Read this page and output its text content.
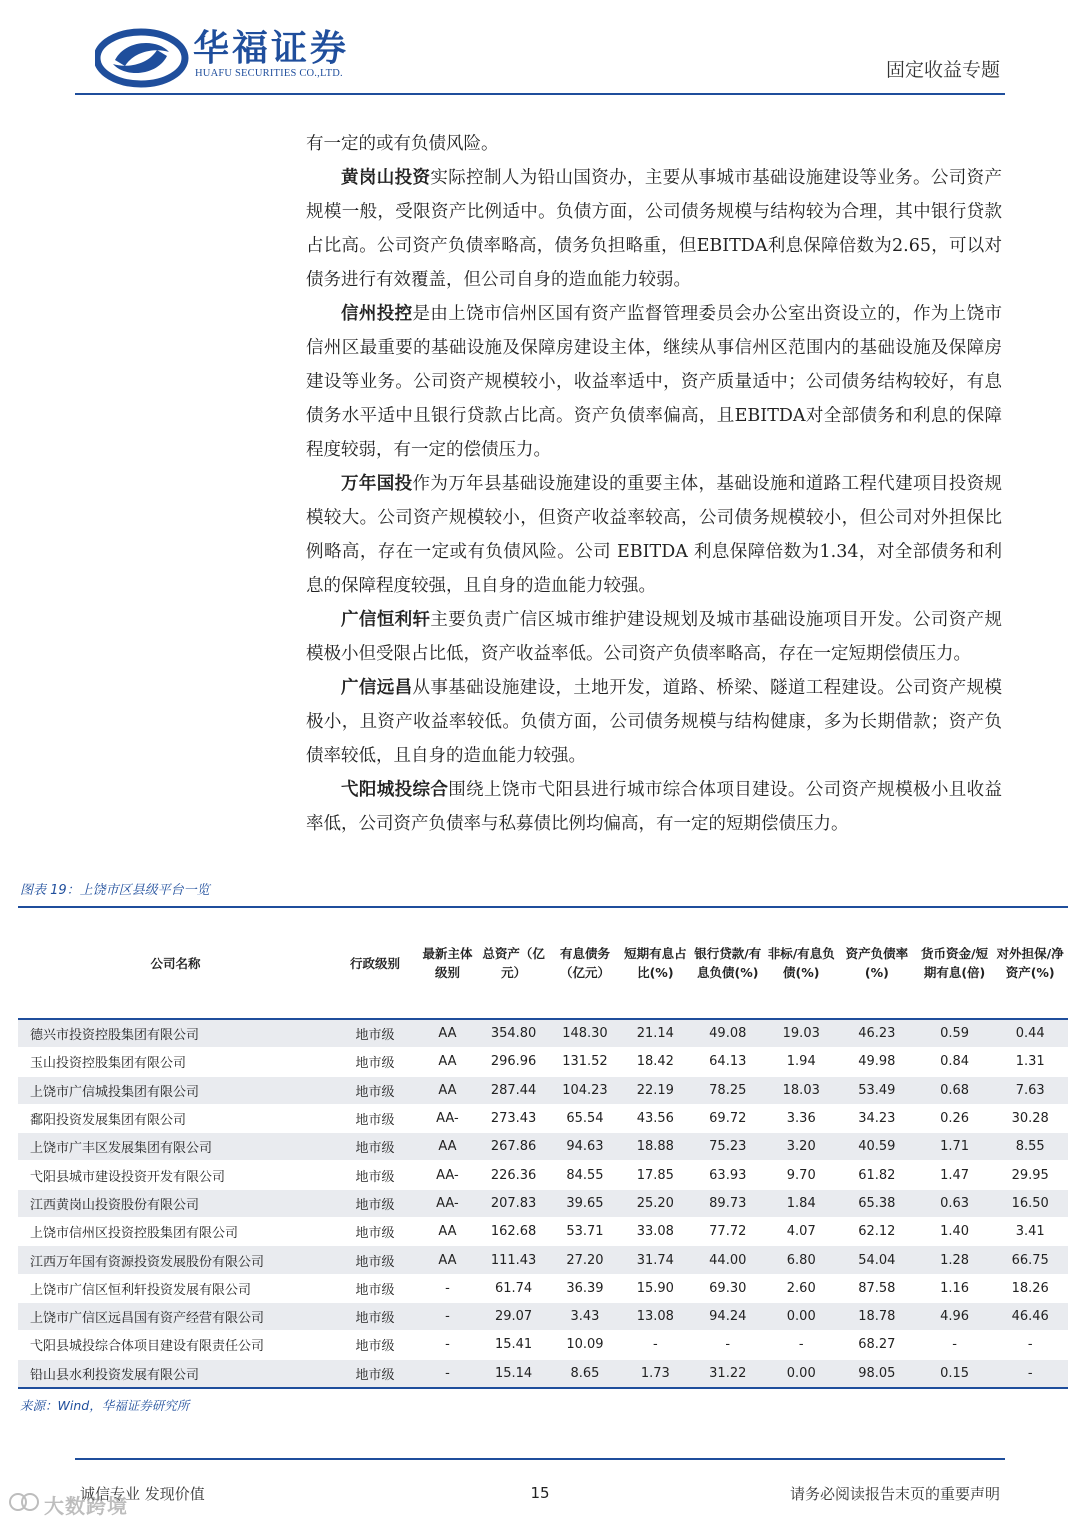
华福证券
HUAFU SECURITIES CO.,LTD.	固定收益专题

有一定的或有负债风险。

黄岗山投资实际控制人为铅山国资办，主要从事城市基础设施建设等业务。公司资产规模一般，受限资产比例适中。负债方面，公司债务规模与结构较为合理，其中银行贷款占比高。公司资产负债率略高，债务负担略重，但EBITDA利息保障倍数为2.65，可以对债务进行有效覆盖，但公司自身的造血能力较弱。

信州投控是由上饶市信州区国有资产监督管理委员会办公室出资设立的，作为上饶市信州区最重要的基础设施及保障房建设主体，继续从事信州区范围内的基础设施及保障房建设等业务。公司资产规模较小，收益率适中，资产质量适中；公司债务结构较好，有息债务水平适中且银行贷款占比高。资产负债率偏高，且EBITDA对全部债务和利息的保障程度较弱，有一定的偿债压力。

万年国投作为万年县基础设施建设的重要主体，基础设施和道路工程代建项目投资规模较大。公司资产规模较小，但资产收益率较高，公司债务规模较小，但公司对外担保比例略高，存在一定或有负债风险。公司 EBITDA 利息保障倍数为1.34，对全部债务和利息的保障程度较强，且自身的造血能力较强。

广信恒利轩主要负责广信区城市维护建设规划及城市基础设施项目开发。公司资产规模极小但受限占比低，资产收益率低。公司资产负债率略高，存在一定短期偿债压力。

广信远昌从事基础设施建设，土地开发，道路、桥梁、隧道工程建设。公司资产规模极小，且资产收益率较低。负债方面，公司债务规模与结构健康，多为长期借款；资产负债率较低，且自身的造血能力较强。

弋阳城投综合围绕上饶市弋阳县进行城市综合体项目建设。公司资产规模极小且收益率低，公司资产负债率与私募债比例均偏高，有一定的短期偿债压力。

图表 19：上饶市区县级平台一览
公司名称	行政级别	最新主体级别	总资产（亿元）	有息债务（亿元）	短期有息占比(%)	银行贷款/有息负债(%)	非标/有息负债(%)	资产负债率(%)	货币资金/短期有息(倍)	对外担保/净资产(%)
德兴市投资控股集团有限公司	地市级	AA	354.80	148.30	21.14	49.08	19.03	46.23	0.59	0.44
玉山投资控股集团有限公司	地市级	AA	296.96	131.52	18.42	64.13	1.94	49.98	0.84	1.31
上饶市广信城投集团有限公司	地市级	AA	287.44	104.23	22.19	78.25	18.03	53.49	0.68	7.63
鄱阳投资发展集团有限公司	地市级	AA-	273.43	65.54	43.56	69.72	3.36	34.23	0.26	30.28
上饶市广丰区发展集团有限公司	地市级	AA	267.86	94.63	18.88	75.23	3.20	40.59	1.71	8.55
弋阳县城市建设投资开发有限公司	地市级	AA-	226.36	84.55	17.85	63.93	9.70	61.82	1.47	29.95
江西黄岗山投资股份有限公司	地市级	AA-	207.83	39.65	25.20	89.73	1.84	65.38	0.63	16.50
上饶市信州区投资控股集团有限公司	地市级	AA	162.68	53.71	33.08	77.72	4.07	62.12	1.40	3.41
江西万年国有资源投资发展股份有限公司	地市级	AA	111.43	27.20	31.74	44.00	6.80	54.04	1.28	66.75
上饶市广信区恒利轩投资发展有限公司	地市级	-	61.74	36.39	15.90	69.30	2.60	87.58	1.16	18.26
上饶市广信区远昌国有资产经营有限公司	地市级	-	29.07	3.43	13.08	94.24	0.00	18.78	4.96	46.46
弋阳县城投综合体项目建设有限责任公司	地市级	-	15.41	10.09	-	-	-	68.27	-	-
铅山县水利投资发展有限公司	地市级	-	15.14	8.65	1.73	31.22	0.00	98.05	0.15	-
来源：Wind，华福证券研究所
诚信专业 发现价值	15	请务必阅读报告末页的重要声明
大数跨境
